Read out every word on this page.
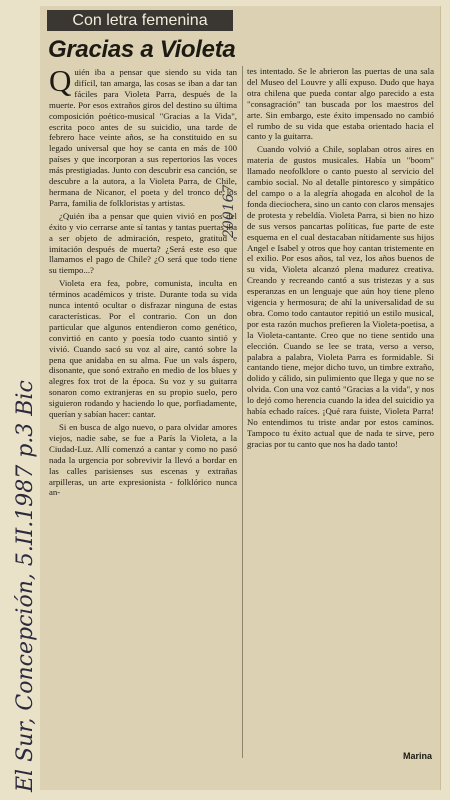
Con letra femenina
Gracias a Violeta

Quién iba a pensar que siendo su vida tan difícil, tan amarga, las cosas se iban a dar tan fáciles para Violeta Parra, después de la muerte. Por esos extraños giros del destino su última composición poético-musical "Gracias a la Vida", escrita poco antes de su suicidio, una tarde de febrero hace veinte años, se ha constituido en su legado universal que hoy se canta en más de 100 países y que incorporan a sus repertorios las voces más prestigiadas. Junto con descubrir esa canción, se descubre a la autora, a la Violeta Parra, de Chile, hermana de Nicanor, el poeta y del tronco de los Parra, familia de folkloristas y artistas.

¿Quién iba a pensar que quien vivió en pos del éxito y vio cerrarse ante sí tantas y tantas puertas iba a ser objeto de admiración, respeto, gratitud e imitación después de muerta? ¿Será este eso que llamamos el pago de Chile? ¿O será que todo tiene su tiempo...?

Violeta era fea, pobre, comunista, inculta en términos académicos y triste. Durante toda su vida nunca intentó ocultar o disfrazar ninguna de estas características. Por el contrario. Con un don particular que algunos entendieron como genético, convirtió en canto y poesía todo cuanto sintió y vivió. Cuando sacó su voz al aire, cantó sobre la pena que anidaba en su alma. Fue un vals áspero, disonante, que sonó extraño en medio de los blues y alegres fox trot de la época. Su voz y su guitarra sonaron como extranjeras en su propio suelo, pero siguieron rodando y haciendo lo que, porfiadamente, querían y sabían hacer: cantar.

Si en busca de algo nuevo, o para olvidar amores viejos, nadie sabe, se fue a París la Violeta, a la Ciudad-Luz. Allí comenzó a cantar y como no pasó nada la urgencia por sobrevivir la llevó a bordar en las calles parisienses sus escenas y extrañas arpilleras, un arte expresionista - folklórico nunca an-

tes intentado. Se le abrieron las puertas de una sala del Museo del Louvre y allí expuso. Dudo que haya otra chilena que pueda contar algo parecido a esta "consagración" tan buscada por los maestros del arte. Sin embargo, este éxito impensado no cambió el rumbo de su vida que estaba orientado hacia el canto y la guitarra.

Cuando volvió a Chile, soplaban otros aires en materia de gustos musicales. Había un "boom" llamado neofolklore o canto puesto al servicio del cambio social. No al detalle pintoresco y simpático del campo o a la alegría ahogada en alcohol de la fonda dieciochera, sino un canto con claros mensajes de protesta y rebeldía. Violeta Parra, si bien no hizo de sus versos pancartas políticas, fue parte de este esquema en el cual destacaban nítidamente sus hijos Angel e Isabel y otros que hoy cantan tristemente en el exilio. Por esos años, tal vez, los años buenos de su vida, Violeta alcanzó plena madurez creativa. Creando y recreando cantó a sus tristezas y a sus esperanzas en un lenguaje que aún hoy tiene pleno vigencia y hermosura; de ahí la universalidad de su obra. Como todo cantautor repitió un estilo musical, por esta razón muchos prefieren la Violeta-poetisa, a la Violeta-cantante. Creo que no tiene sentido una elección. Cuando se lee se trata, verso a verso, palabra a palabra, Violeta Parra es formidable. Si cantando tiene, mejor dicho tuvo, un timbre extraño, dolido y cálido, sin pulimiento que llega y que no se olvida. Con una voz cantó "Gracias a la vida", y nos lo dejó como herencia cuando la idea del suicidio ya había echado raíces. ¡Qué rara fuiste, Violeta Parra! No entendimos tu triste andar por estos caminos. Tampoco tu éxito actual que de nada te sirve, pero gracias por tu canto que nos ha dado tanto!

Marina
El Sur, Concepción, 5.II.1987 p.3 Bic
200167
